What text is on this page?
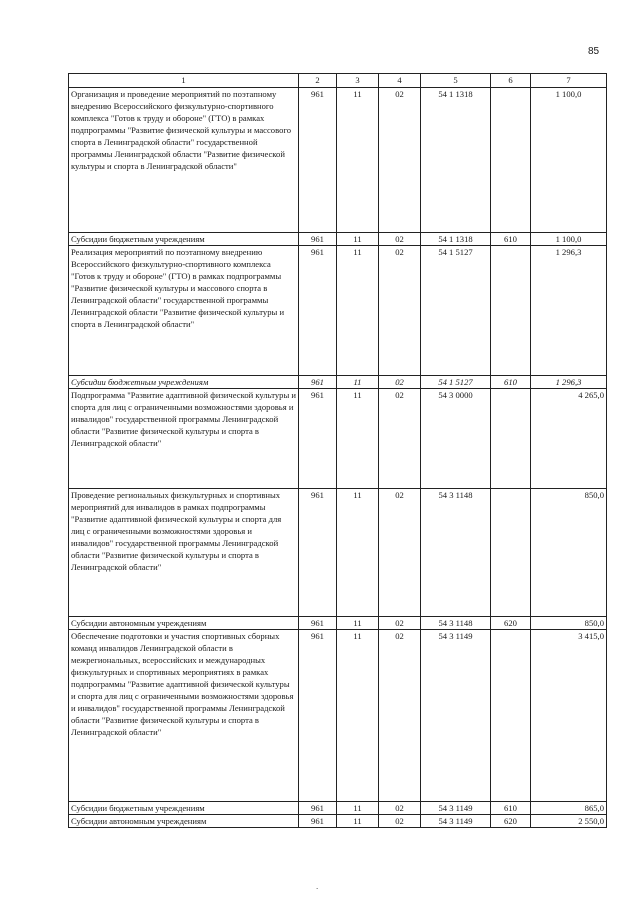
85
1	2	3	4	5	6	7
Организация и проведение мероприятий по поэтапному внедрению Всероссийского физкультурно-спортивного комплекса "Готов к труду и обороне" (ГТО) в рамках подпрограммы "Развитие физической культуры и массового спорта в Ленинградской области" государственной программы Ленинградской области "Развитие физической культуры и спорта в Ленинградской области"	961	11	02	54 1 1318		1 100,0
Субсидии бюджетным учреждениям	961	11	02	54 1 1318	610	1 100,0
Реализация мероприятий по поэтапному внедрению Всероссийского физкультурно-спортивного комплекса "Готов к труду и обороне" (ГТО) в рамках подпрограммы "Развитие физической культуры и массового спорта в Ленинградской области" государственной программы Ленинградской области "Развитие физической культуры и спорта в Ленинградской области"	961	11	02	54 1 5127		1 296,3
Субсидии бюджетным учреждениям	961	11	02	54 1 5127	610	1 296,3
Подпрограмма "Развитие адаптивной физической культуры и спорта для лиц с ограниченными возможностями здоровья и инвалидов" государственной программы Ленинградской области "Развитие физической культуры и спорта в Ленинградской области"	961	11	02	54 3 0000		4 265,0
Проведение региональных физкультурных и спортивных мероприятий для инвалидов в рамках подпрограммы "Развитие адаптивной физической культуры и спорта для лиц с ограниченными возможностями здоровья и инвалидов" государственной программы Ленинградской области "Развитие физической культуры и спорта в Ленинградской области"	961	11	02	54 3 1148		850,0
Субсидии автономным учреждениям	961	11	02	54 3 1148	620	850,0
Обеспечение подготовки и участия спортивных сборных команд инвалидов Ленинградской области в межрегиональных, всероссийских и международных физкультурных и спортивных мероприятиях в рамках подпрограммы "Развитие адаптивной физической культуры и спорта для лиц с ограниченными возможностями здоровья и инвалидов" государственной программы Ленинградской области "Развитие физической культуры и спорта в Ленинградской области"	961	11	02	54 3 1149		3 415,0
Субсидии бюджетным учреждениям	961	11	02	54 3 1149	610	865,0
Субсидии автономным учреждениям	961	11	02	54 3 1149	620	2 550,0
.
